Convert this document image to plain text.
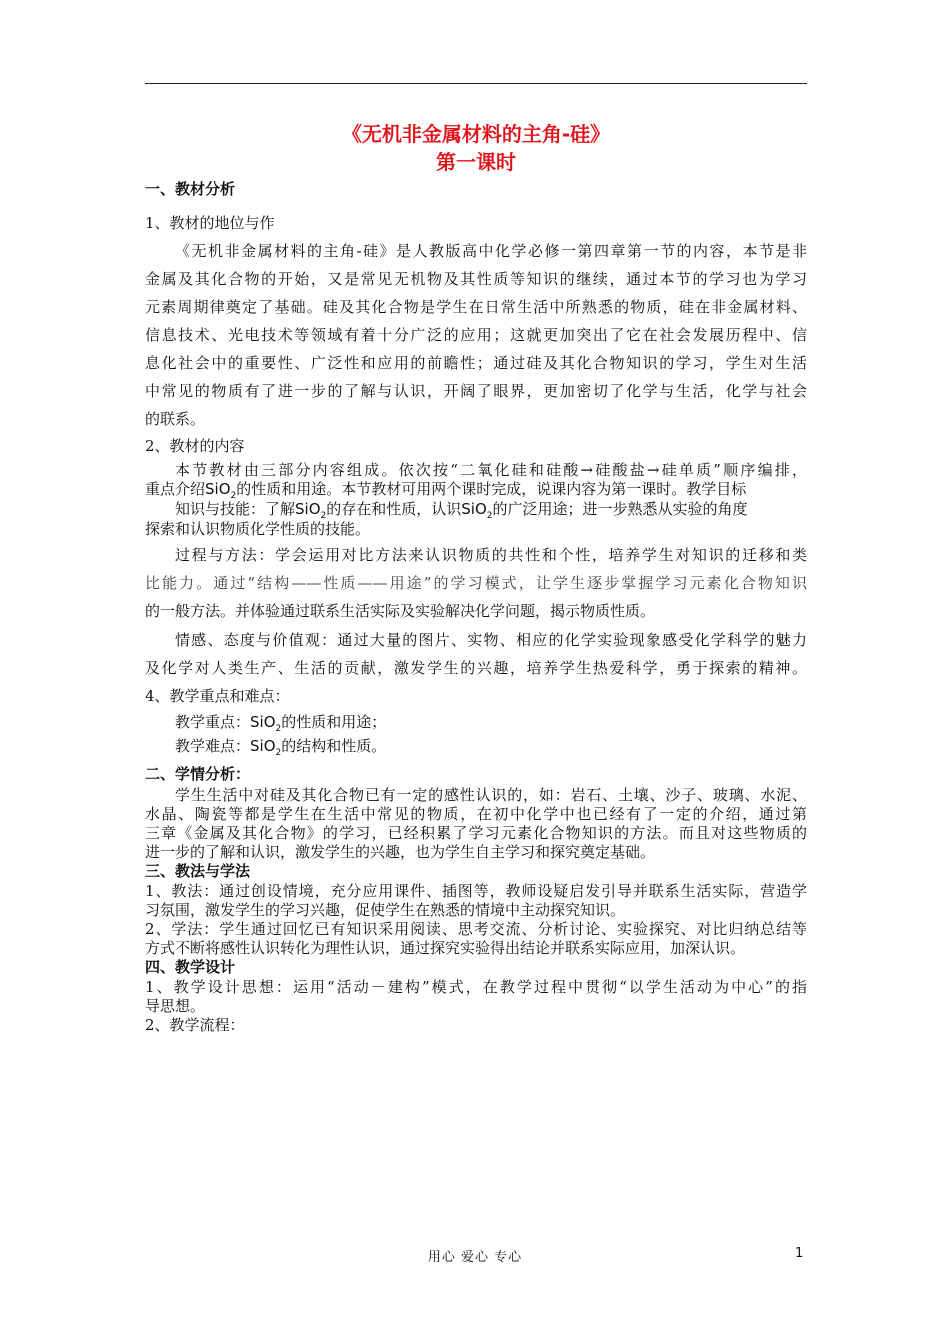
《无机非金属材料的主角-硅》
第一课时
一、教材分析
1、教材的地位与作
《无机非金属材料的主角-硅》是人教版高中化学必修一第四章第一节的内容，本节是非
金属及其化合物的开始，又是常见无机物及其性质等知识的继续，通过本节的学习也为学习
元素周期律奠定了基础。硅及其化合物是学生在日常生活中所熟悉的物质，硅在非金属材料、
信息技术、光电技术等领域有着十分广泛的应用；这就更加突出了它在社会发展历程中、信
息化社会中的重要性、广泛性和应用的前瞻性；通过硅及其化合物知识的学习，学生对生活
中常见的物质有了进一步的了解与认识，开阔了眼界，更加密切了化学与生活，化学与社会
的联系。
2、教材的内容
本节教材由三部分内容组成。依次按“二氧化硅和硅酸→硅酸盐→硅单质”顺序编排，
重点介绍SiO$_2$的性质和用途。本节教材可用两个课时完成，说课内容为第一课时。教学目标
知识与技能：了解SiO$_2$的存在和性质，认识SiO$_2$的广泛用途；进一步熟悉从实验的角度
探索和认识物质化学性质的技能。
过程与方法：学会运用对比方法来认识物质的共性和个性，培养学生对知识的迁移和类
比能力。通过“结构——性质——用途”的学习模式，让学生逐步掌握学习元素化合物知识
的一般方法。并体验通过联系生活实际及实验解决化学问题，揭示物质性质。
情感、态度与价值观：通过大量的图片、实物、相应的化学实验现象感受化学科学的魅力
及化学对人类生产、生活的贡献，激发学生的兴趣，培养学生热爱科学，勇于探索的精神。
4、教学重点和难点：
教学重点：SiO$_2$的性质和用途；
教学难点：SiO$_2$的结构和性质。
二、学情分析：
学生生活中对硅及其化合物已有一定的感性认识的，如：岩石、土壤、沙子、玻璃、水泥、
水晶、陶瓷等都是学生在生活中常见的物质，在初中化学中也已经有了一定的介绍，通过第
三章《金属及其化合物》的学习，已经积累了学习元素化合物知识的方法。而且对这些物质的
进一步的了解和认识，激发学生的兴趣，也为学生自主学习和探究奠定基础。
三、教法与学法
1、教法：通过创设情境，充分应用课件、插图等，教师设疑启发引导并联系生活实际，营造学
习氛围，激发学生的学习兴趣，促使学生在熟悉的情境中主动探究知识。
2、学法：学生通过回忆已有知识采用阅读、思考交流、分析讨论、实验探究、对比归纳总结等
方式不断将感性认识转化为理性认识，通过探究实验得出结论并联系实际应用，加深认识。
四、教学设计
1、教学设计思想：运用“活动－建构”模式，在教学过程中贯彻“以学生活动为中心”的指
导思想。
2、教学流程：
用心 爱心 专心	1
